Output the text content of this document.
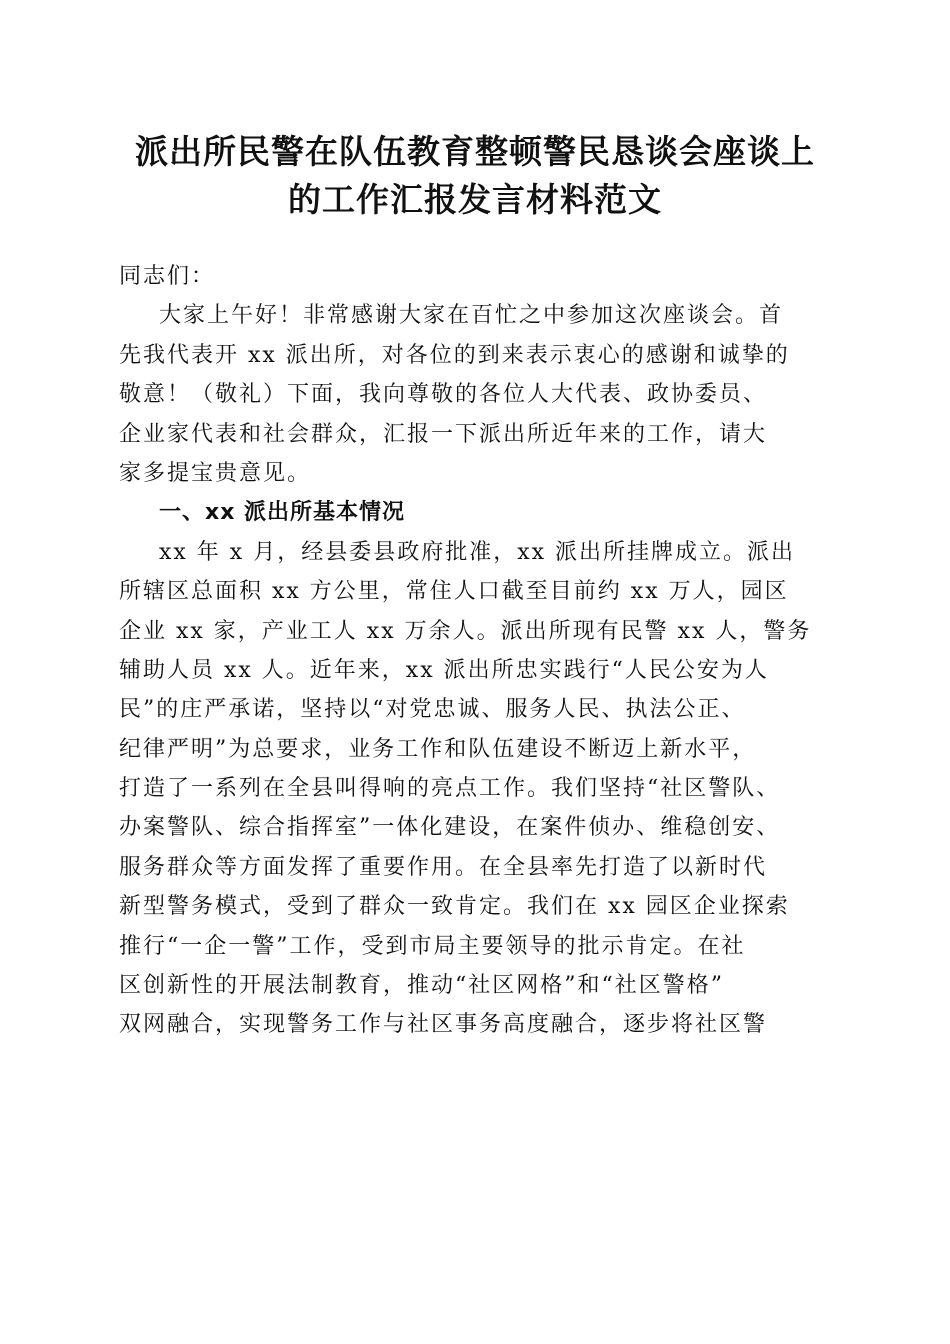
派出所民警在队伍教育整顿警民恳谈会座谈上
的工作汇报发言材料范文
同志们：
大家上午好！非常感谢大家在百忙之中参加这次座谈会。首
先我代表开 xx 派出所，对各位的到来表示衷心的感谢和诚挚的
敬意！（敬礼）下面，我向尊敬的各位人大代表、政协委员、
企业家代表和社会群众，汇报一下派出所近年来的工作，请大
家多提宝贵意见。
一、xx 派出所基本情况
xx 年 x 月，经县委县政府批准，xx 派出所挂牌成立。派出
所辖区总面积 xx 方公里，常住人口截至目前约 xx 万人，园区
企业 xx 家，产业工人 xx 万余人。派出所现有民警 xx 人，警务
辅助人员 xx 人。近年来，xx 派出所忠实践行“人民公安为人
民”的庄严承诺，坚持以“对党忠诚、服务人民、执法公正、
纪律严明”为总要求，业务工作和队伍建设不断迈上新水平，
打造了一系列在全县叫得响的亮点工作。我们坚持“社区警队、
办案警队、综合指挥室”一体化建设，在案件侦办、维稳创安、
服务群众等方面发挥了重要作用。在全县率先打造了以新时代
新型警务模式，受到了群众一致肯定。我们在 xx 园区企业探索
推行“一企一警”工作，受到市局主要领导的批示肯定。在社
区创新性的开展法制教育，推动“社区网格”和“社区警格”
双网融合，实现警务工作与社区事务高度融合，逐步将社区警
